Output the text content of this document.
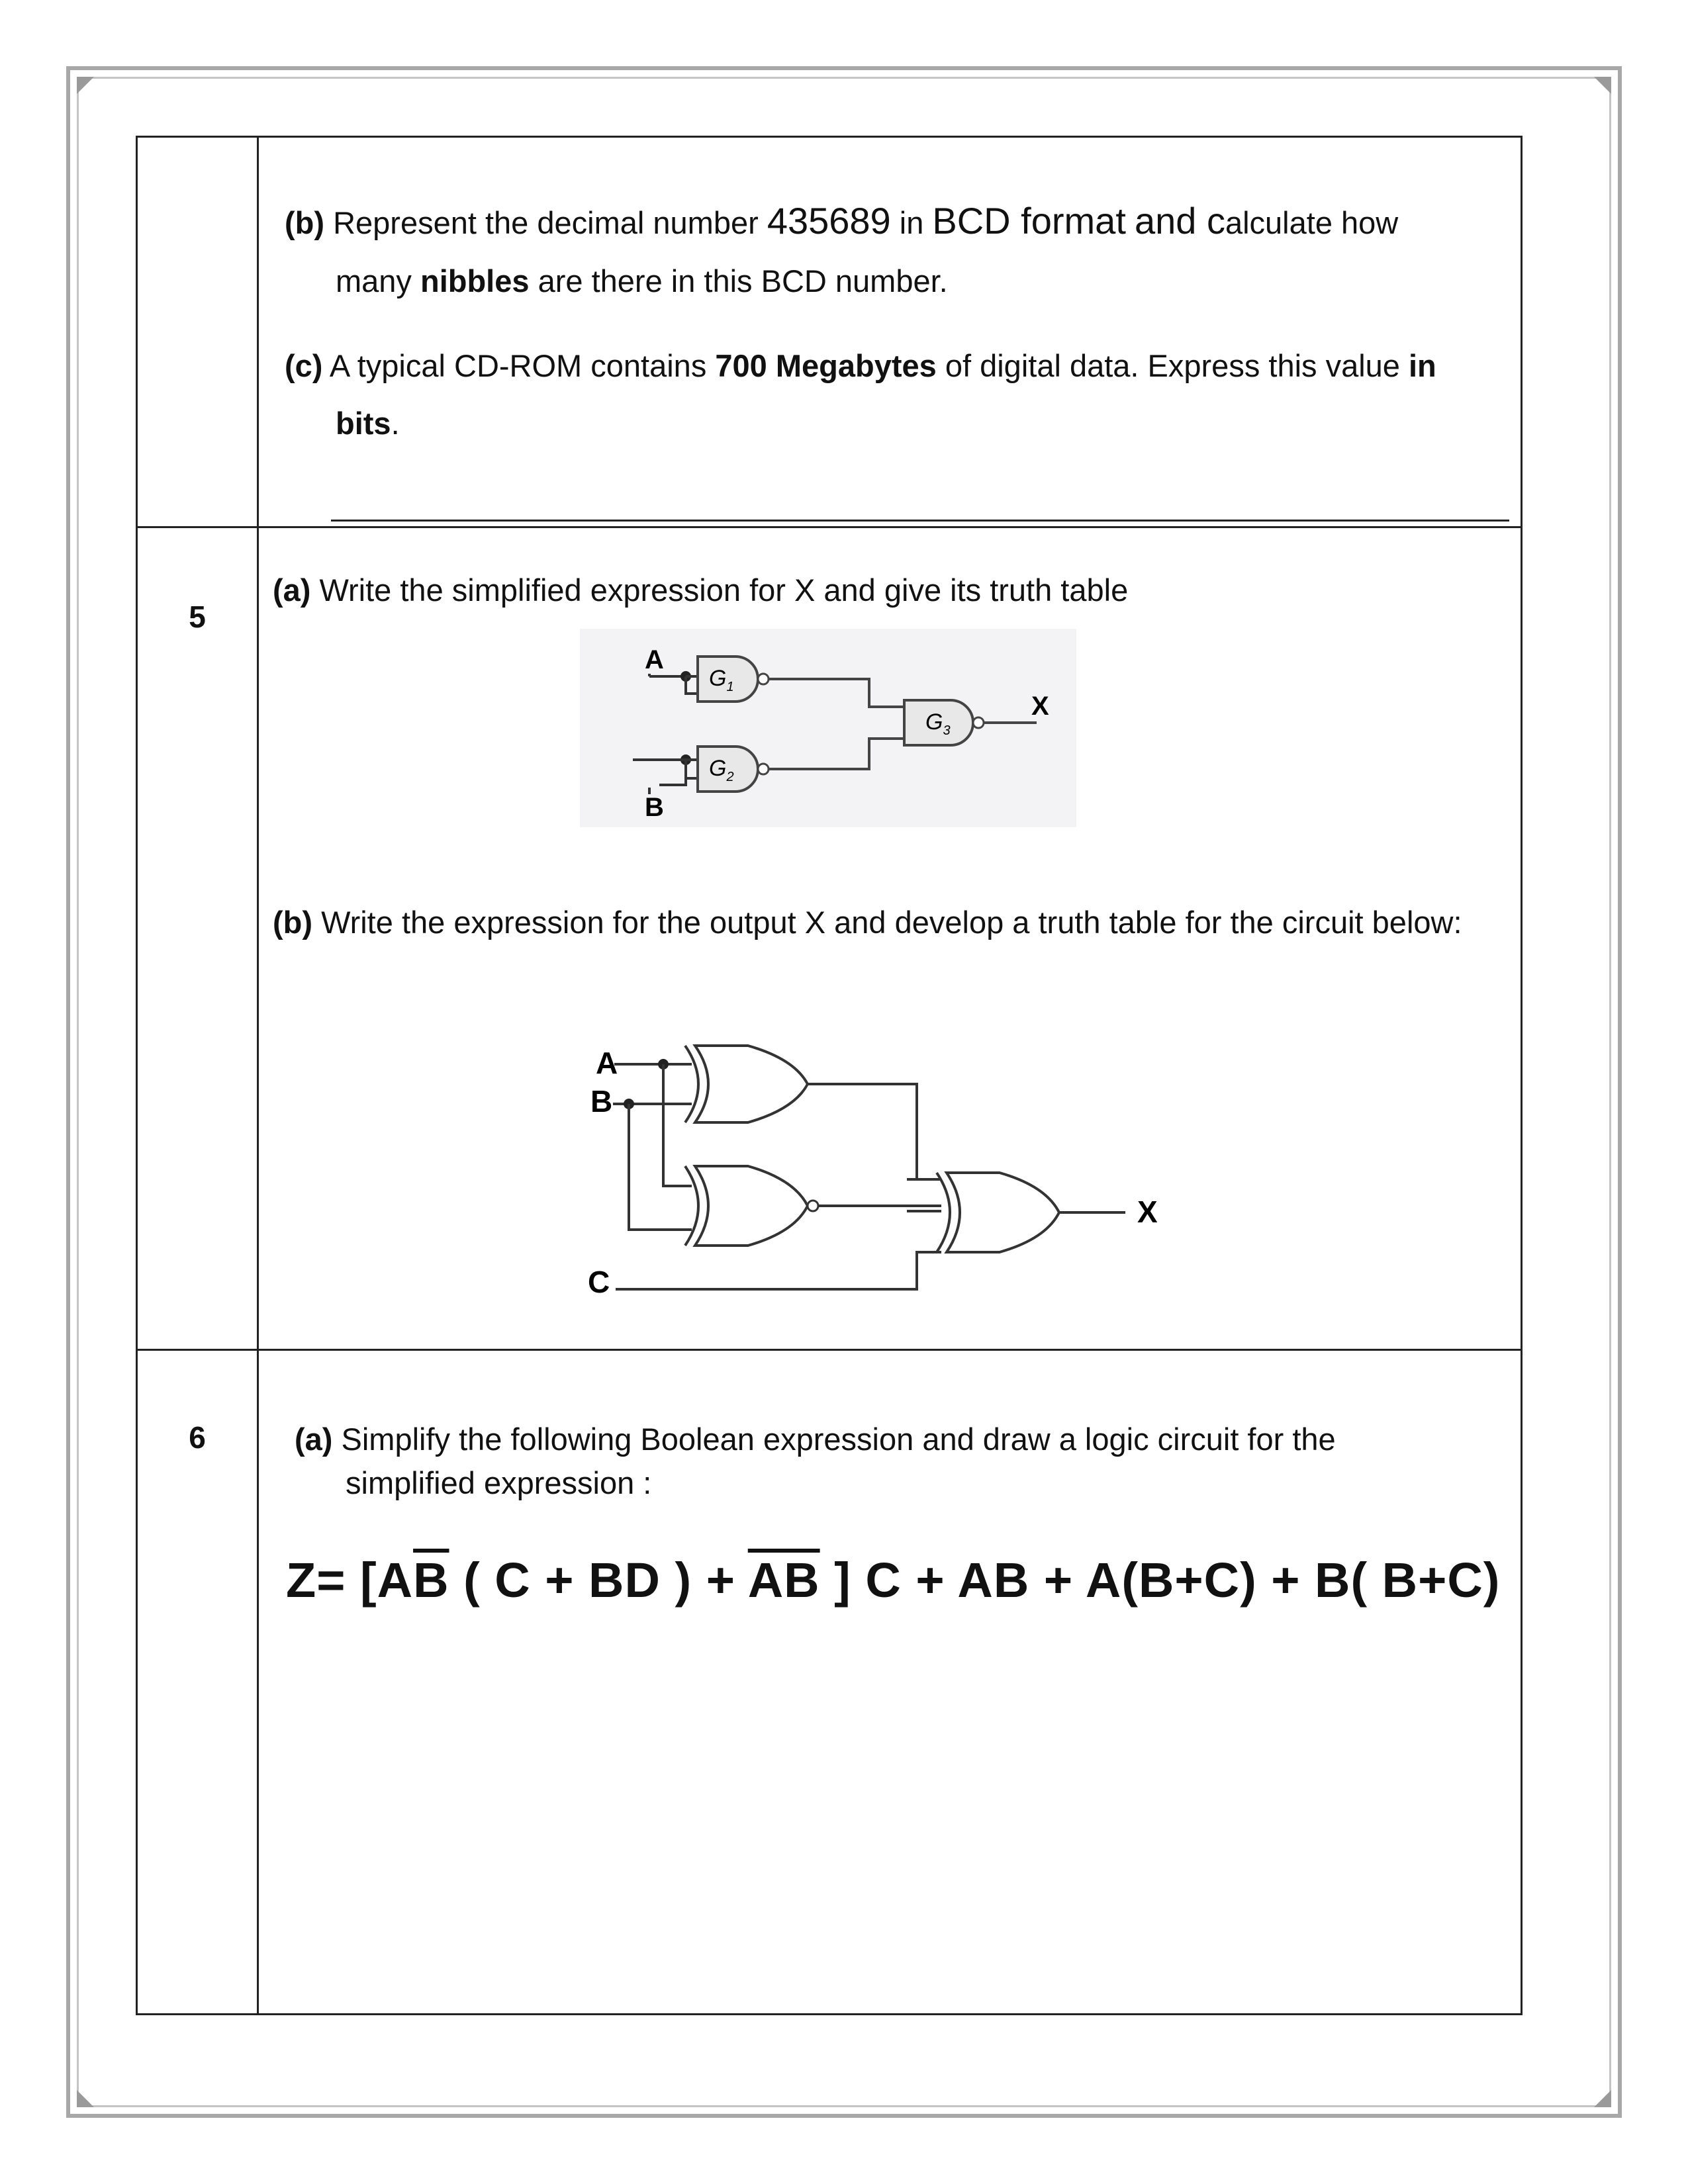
5
6
(b) Represent the decimal number 435689 in BCD format and calculate how
many nibbles are there in this BCD number.
(c) A typical CD-ROM contains 700 Megabytes of digital data. Express this value in
bits.
(a) Write the simplified expression for X and give its truth table
A
$G_1$
B
$G_2$
$G_3$
X
(b) Write the expression for the output X and develop a truth table for the circuit below:
A
B
C
X
(a) Simplify the following Boolean expression and draw a logic circuit for the
simplified expression :
$Z= [A\overline{B}$ ( C + BD ) + $\overline{AB}$ ] C + AB + A(B+C) + B( B+C)
